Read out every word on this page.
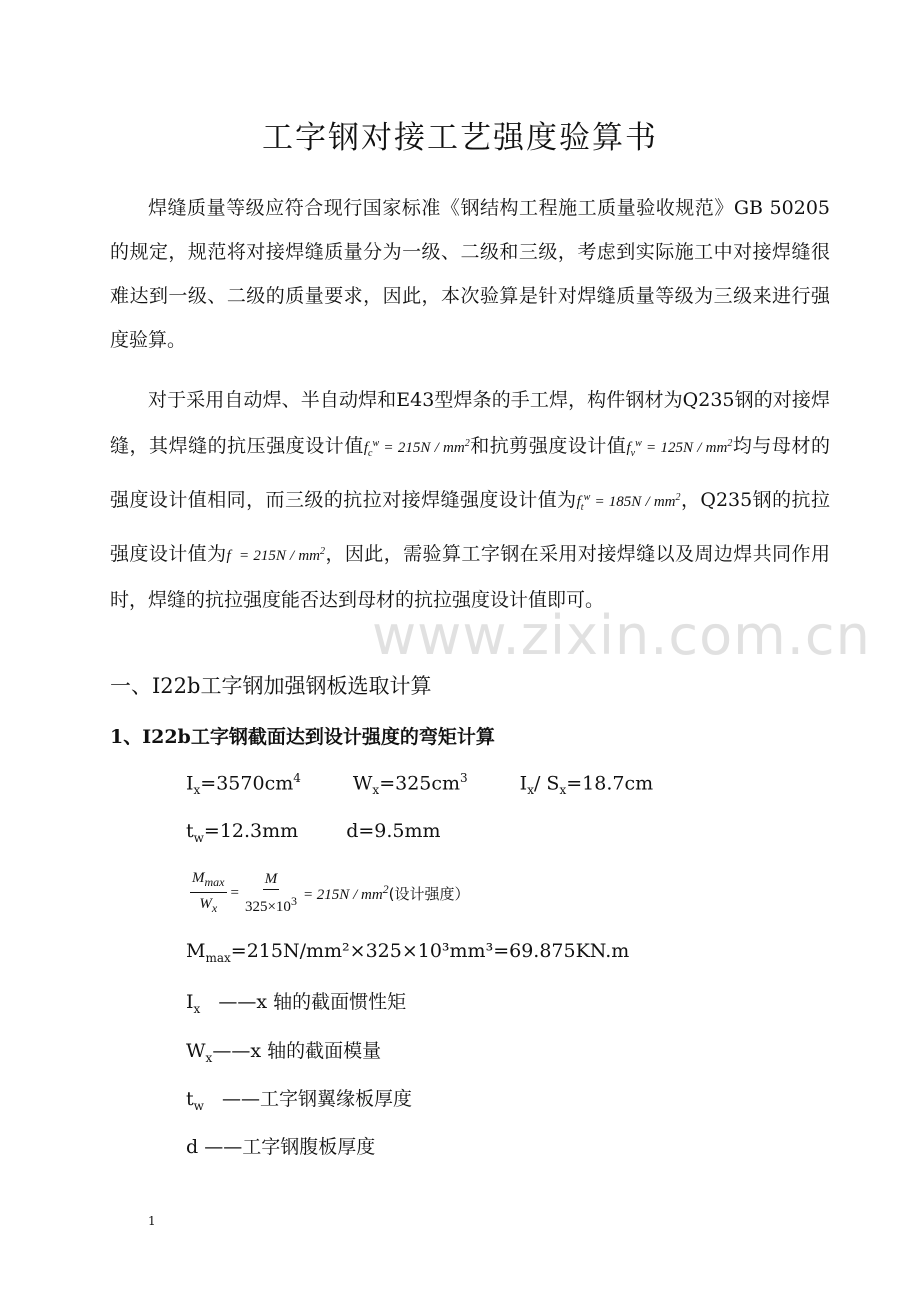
工字钢对接工艺强度验算书
焊缝质量等级应符合现行国家标准《钢结构工程施工质量验收规范》GB 50205的规定，规范将对接焊缝质量分为一级、二级和三级，考虑到实际施工中对接焊缝很难达到一级、二级的质量要求，因此，本次验算是针对焊缝质量等级为三级来进行强度验算。
对于采用自动焊、半自动焊和E43型焊条的手工焊，构件钢材为Q235钢的对接焊缝，其焊缝的抗压强度设计值$f_c^w = 215N / mm^2$和抗剪强度设计值$f_v^w = 125N / mm^2$均与母材的强度设计值相同，而三级的抗拉对接焊缝强度设计值为$f_t^w = 185N / mm^2$，Q235钢的抗拉强度设计值为$f = 215N / mm^2$，因此，需验算工字钢在采用对接焊缝以及周边焊共同作用时，焊缝的抗拉强度能否达到母材的抗拉强度设计值即可。
www.zixin.com.cn
一、I22b工字钢加强钢板选取计算
1、I22b工字钢截面达到设计强度的弯矩计算
$I_x=3570cm^4$	$W_x=325cm^3$	$I_x/$ $S_x=18.7cm$
$t_w=12.3mm$	d=9.5mm
$\frac{M_{max}}{W_x} = \frac{M}{325\times 10^3} = 215N / mm^2$ (设计强度）
$M_{max}=215N/mm^2\times 325\times 10^3mm^3=69.875KN.m$
$I_x$ ——x 轴的截面惯性矩
$W_x——x$ 轴的截面模量
$t_w$ ——工字钢翼缘板厚度
d ——工字钢腹板厚度
1
